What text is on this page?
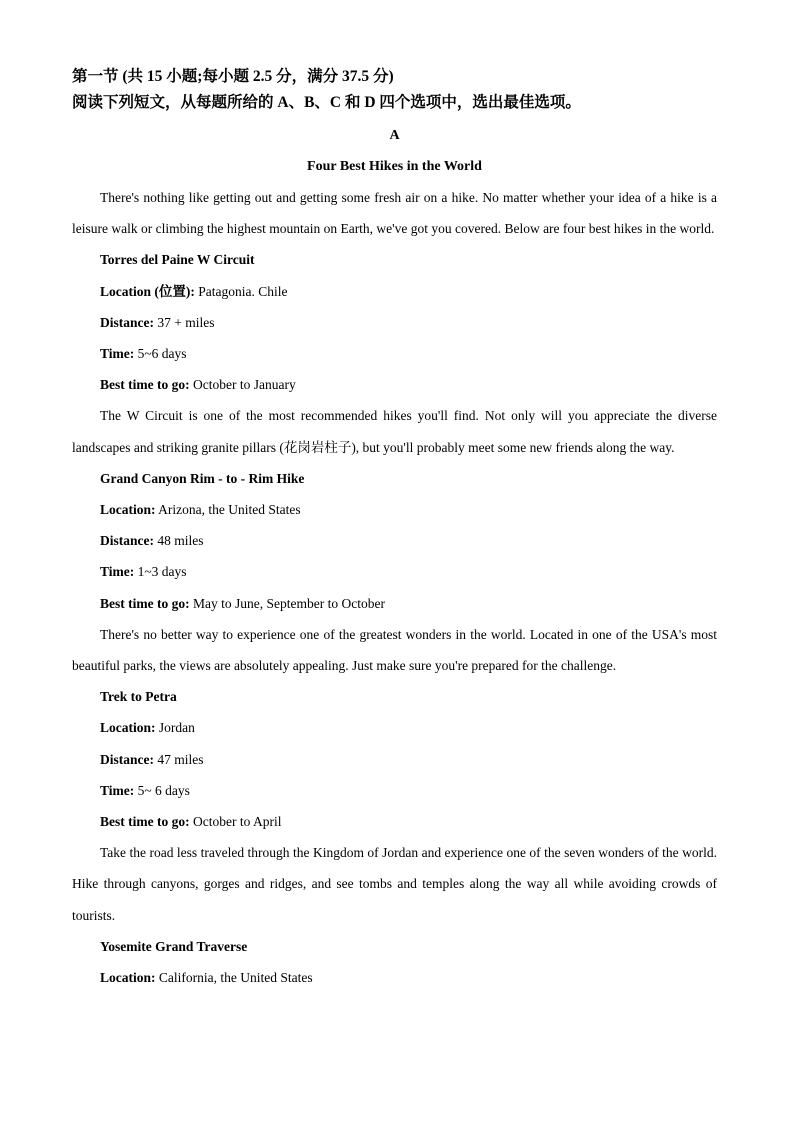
第一节 (共 15 小题;每小题 2.5 分，满分 37.5 分)

阅读下列短文，从每题所给的 A、B、C 和 D 四个选项中，选出最佳选项。

A

Four Best Hikes in the World

There's nothing like getting out and getting some fresh air on a hike. No matter whether your idea of a hike is a leisure walk or climbing the highest mountain on Earth, we've got you covered. Below are four best hikes in the world.

Torres del Paine W Circuit

Location (位置): Patagonia. Chile

Distance: 37 + miles

Time: 5~6 days

Best time to go: October to January

The W Circuit is one of the most recommended hikes you'll find. Not only will you appreciate the diverse landscapes and striking granite pillars (花岗岩柱子), but you'll probably meet some new friends along the way.

Grand Canyon Rim - to - Rim Hike

Location: Arizona, the United States

Distance: 48 miles

Time: 1~3 days

Best time to go: May to June, September to October

There's no better way to experience one of the greatest wonders in the world. Located in one of the USA's most beautiful parks, the views are absolutely appealing. Just make sure you're prepared for the challenge.

Trek to Petra

Location: Jordan

Distance: 47 miles

Time: 5~ 6 days

Best time to go: October to April

Take the road less traveled through the Kingdom of Jordan and experience one of the seven wonders of the world. Hike through canyons, gorges and ridges, and see tombs and temples along the way all while avoiding crowds of tourists.

Yosemite Grand Traverse

Location: California, the United States
